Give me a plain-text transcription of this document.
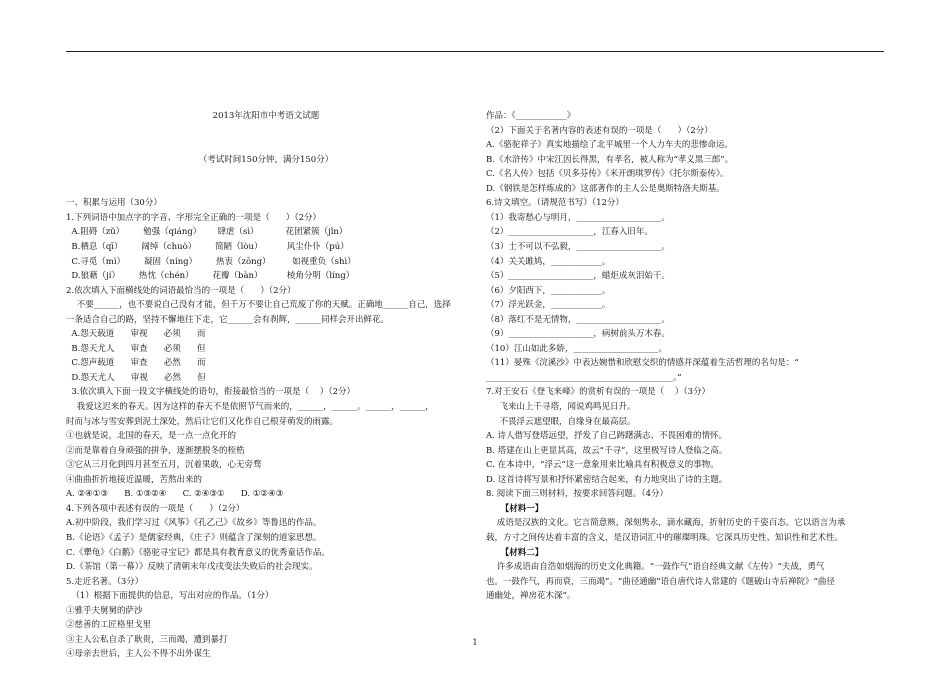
2013年沈阳市中考语文试题

（考试时间150分钟，满分150分）

一、积累与运用（30分）
1.下列词语中加点字的字音、字形完全正确的一项是（      ）（2分）
A.阻碍（zǔ）       勉强（qiáng）      肆虐（sì）          花团紧簇（jǐn）
B.栖息（qī）       阔绰（chuò）       简陋（lòu）         风尘仆仆（pú）
C.寻觅（mì）       凝固（níng）       热衷（zōng）        如视重负（shì）
D.狼藉（jí）       热忱（chén）       花瓣（bàn）         棱角分明（líng）
2.依次填入下面横线处的词语最恰当的一项是（      ）（2分）
不要______，也不要说自己没有才能，但千万不要让自己荒废了你的天赋。正确地______自己，选择
一条适合自己的路，坚持不懈地往下走，它______会有刹辉，______同样会开出鲜花。
A.怨天载道      审视      必须      而
B.怨天尤人      审查      必须      但
C.怨声载道      审查      必然      而
D.怨天尤人      审视      必然      但
3.依次填入下面一段文字横线处的语句，衔接最恰当的一项是（    ）（2分）
我爱这迟来的春天。因为这样的春天不是依照节气而来的，______，______。______，______，
时而与冰与雪安葬到泥土深处，然后让它们又化作自己根芽萌发的雨露。
①也就是说，北国的春天，是一点一点化开的
②而是靠着自身顽强的拼争，逐渐摆脱冬的桎梏
③它从三月化到四月甚至五月，沉着果敢，心无旁骛
④曲曲折折地接近温暖，苦熬出来的
A. ②④①③      B. ①③②④      C. ②④③①      D. ①②④③
4.下列各项中表述有误的一项是（      ）（2分）
A.初中阶段，我们学习过《风筝》《孔乙己》《故乡》等鲁迅的作品。
B.《论语》《孟子》是儒家经典，《庄子》则蕴含了深刻的道家思想。
C.《犟龟》《白鹅》《骆驼寻宝记》都是具有教育意义的优秀童话作品。
D.《茶馆（第一幕）》反映了清朝末年戊戌变法失败后的社会现实。
5.走近名著。（3分）
（1）根据下面提供的信息，写出对应的作品。（1分）
①雅乎夫舅舅的萨沙
②慈善的工匠格里戈里
③主人公私自杀了耿贵，三而竭，遭到暴打
④母亲去世后，主人公不得不出外谋生

作品：《____________》
（2）下面关于名著内容的表述有误的一项是（      ）（2分）
A.《骆驼祥子》真实地描绘了北平城里一个人力车夫的悲惨命运。
B.《水浒传》中宋江因长得黑，有孝名，被人称为“孝义黑三郎”。
C.《名人传》包括《贝多芬传》《米开朗琪罗传》《托尔斯泰传》。
D.《钢铁是怎样炼成的》这部著作的主人公是奥斯特洛夫斯基。
6.诗文填空。（请规范书写）（12分）
（1）我寄愁心与明月，____________________。
（2）____________________，江春入旧年。
（3）士不可以不弘毅，____________________。
（4）关关雎鸠，____________。
（5）____________________，蜡炬成灰泪始干。
（6）夕阳西下，____________。
（7）浮光跃金，____________。
（8）落红不是无情物，____________________。
（9）____________________，病树前头万木春。
（10）江山如此多娇，____________________。
（11）晏殊《浣溪沙》中表达婉惜和欣慰交织的情感并深蕴着生活哲理的名句是：“
____________________________________________。”
7.对王安石《登飞来峰》的赏析有误的一项是（    ）（3分）
飞来山上千寻塔，闻说鸡鸣见日升。
不畏浮云遮望眼，自缘身在最高层。
A. 诗人借写登塔远望，抒发了自己踌躇满志、不畏困难的情怀。
B. 塔建在山上更显其高，故云“千寻”，这里极写诗人登临之高。
C. 在本诗中，“浮云”这一意象用来比喻具有积极意义的事物。
D. 这首诗将写景和抒怀紧密结合起来，有力地突出了诗的主题。
8. 阅读下面三则材料，按要求回答问题。（4分）
【材料一】
成语是汉族的文化。它言简意赅，深刻隽永，滴水藏海，折射历史的千姿百态。它以语言为承
载，方寸之间传达着丰富的含义，是汉语词汇中的璀璨明珠。它深具历史性、知识性和艺术性。
【材料二】
许多成语由自浩如烟海的历史文化典籍。“一鼓作气”语自经典文献《左传》“夫战，勇气
也。一鼓作气，再而衰，三而竭”。“曲径通幽”语自唐代诗人常建的《题破山寺后禅院》“曲径
通幽处，禅房花木深”。

1
